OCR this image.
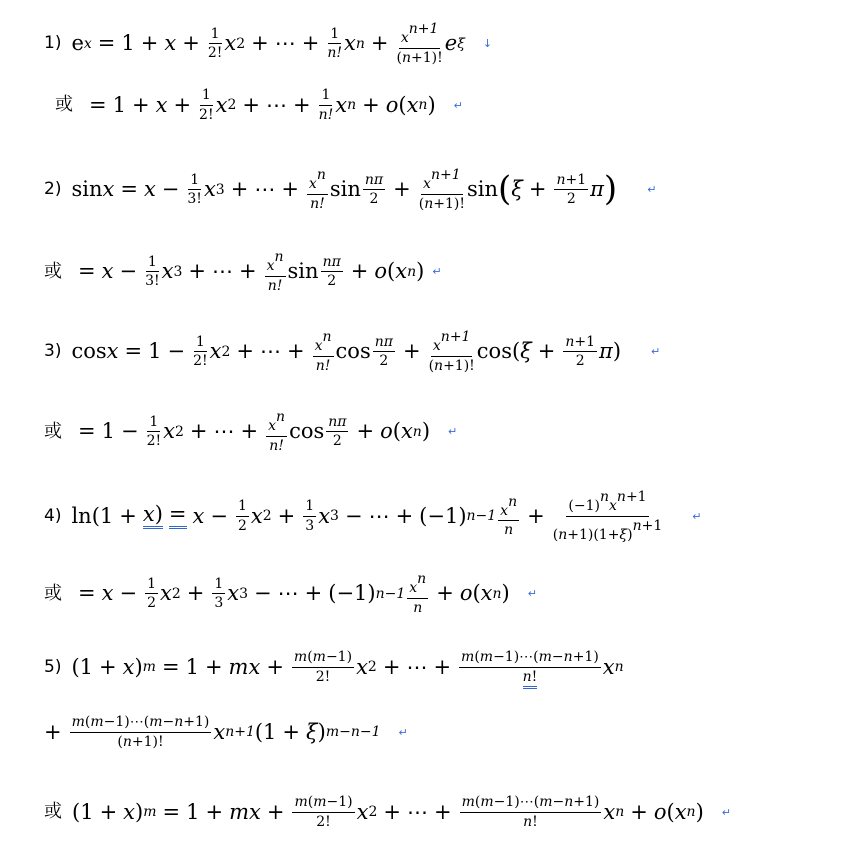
1) e $x = 1 + x + \frac{1}{2!}$ x 2 + ⋯ + $\frac{1}{n!}$ x $n + \frac{x^{n+1}}{(n+1)!}$ e ξ ↓
或 = $1 + x + \frac{1}{2!}$ x 2 + ⋯ + $\frac{1}{n!}$ x n + o ( x n ) ↵
2) $\sin x = x - \frac{1}{3!}$ x 3 + ⋯ + $\frac{x^n}{n!}$ $\sin \frac{n\pi}{2} + \frac{x^{n+1}}{(n+1)!}$ sin ( $\xi + \frac{n+1}{2}$ π )	↵
或 = $x - \frac{1}{3!}$ x 3 + ⋯ + $\frac{x^n}{n!}$ $\sin \frac{n\pi}{2} + o$ ( x n ) ↵
3) $\cos x = 1 - \frac{1}{2!}$ x 2 + ⋯ + $\frac{x^n}{n!}$ $\cos \frac{n\pi}{2} + \frac{x^{n+1}}{(n+1)!} \cos$( $\xi + \frac{n+1}{2}$ π )	↵
或 = $1 - \frac{1}{2!}$ x 2 + ⋯ + $\frac{x^n}{n!}$ $\cos \frac{n\pi}{2} + o$ ( x n ) ↵
4) ln(1 + x ) = $x - \frac{1}{2}$ x $2 + \frac{1}{3}$ x 3 − ⋯ + (−1) $n-1 \frac{x^n}{n} + \frac{(-1)^nx^{n+1}}{(n+1)(1+\xi)^{n+1}}$	↵
或 = $x - \frac{1}{2}$ x $2 + \frac{1}{3}$ x 3 − ⋯ + (−1) $n-1 \frac{x^n}{n} + o$ ( x n ) ↵
5) (1 + x ) m = 1 + mx + $\frac{m(m-1)}{2!}$ x 2 + ⋯ + $\frac{m(m-1)\cdots(m-n+1)}{n!}$ x n
+ $\frac{m(m-1)\cdots(m-n+1)}{(n+1)!}$ x n+1 (1 + ξ ) m−n−1 ↵
或 (1 + x ) m = 1 + mx + $\frac{m(m-1)}{2!}$ x 2 + ⋯ + $\frac{m(m-1)\cdots(m-n+1)}{n!}$ x n + o ( x n ) ↵
